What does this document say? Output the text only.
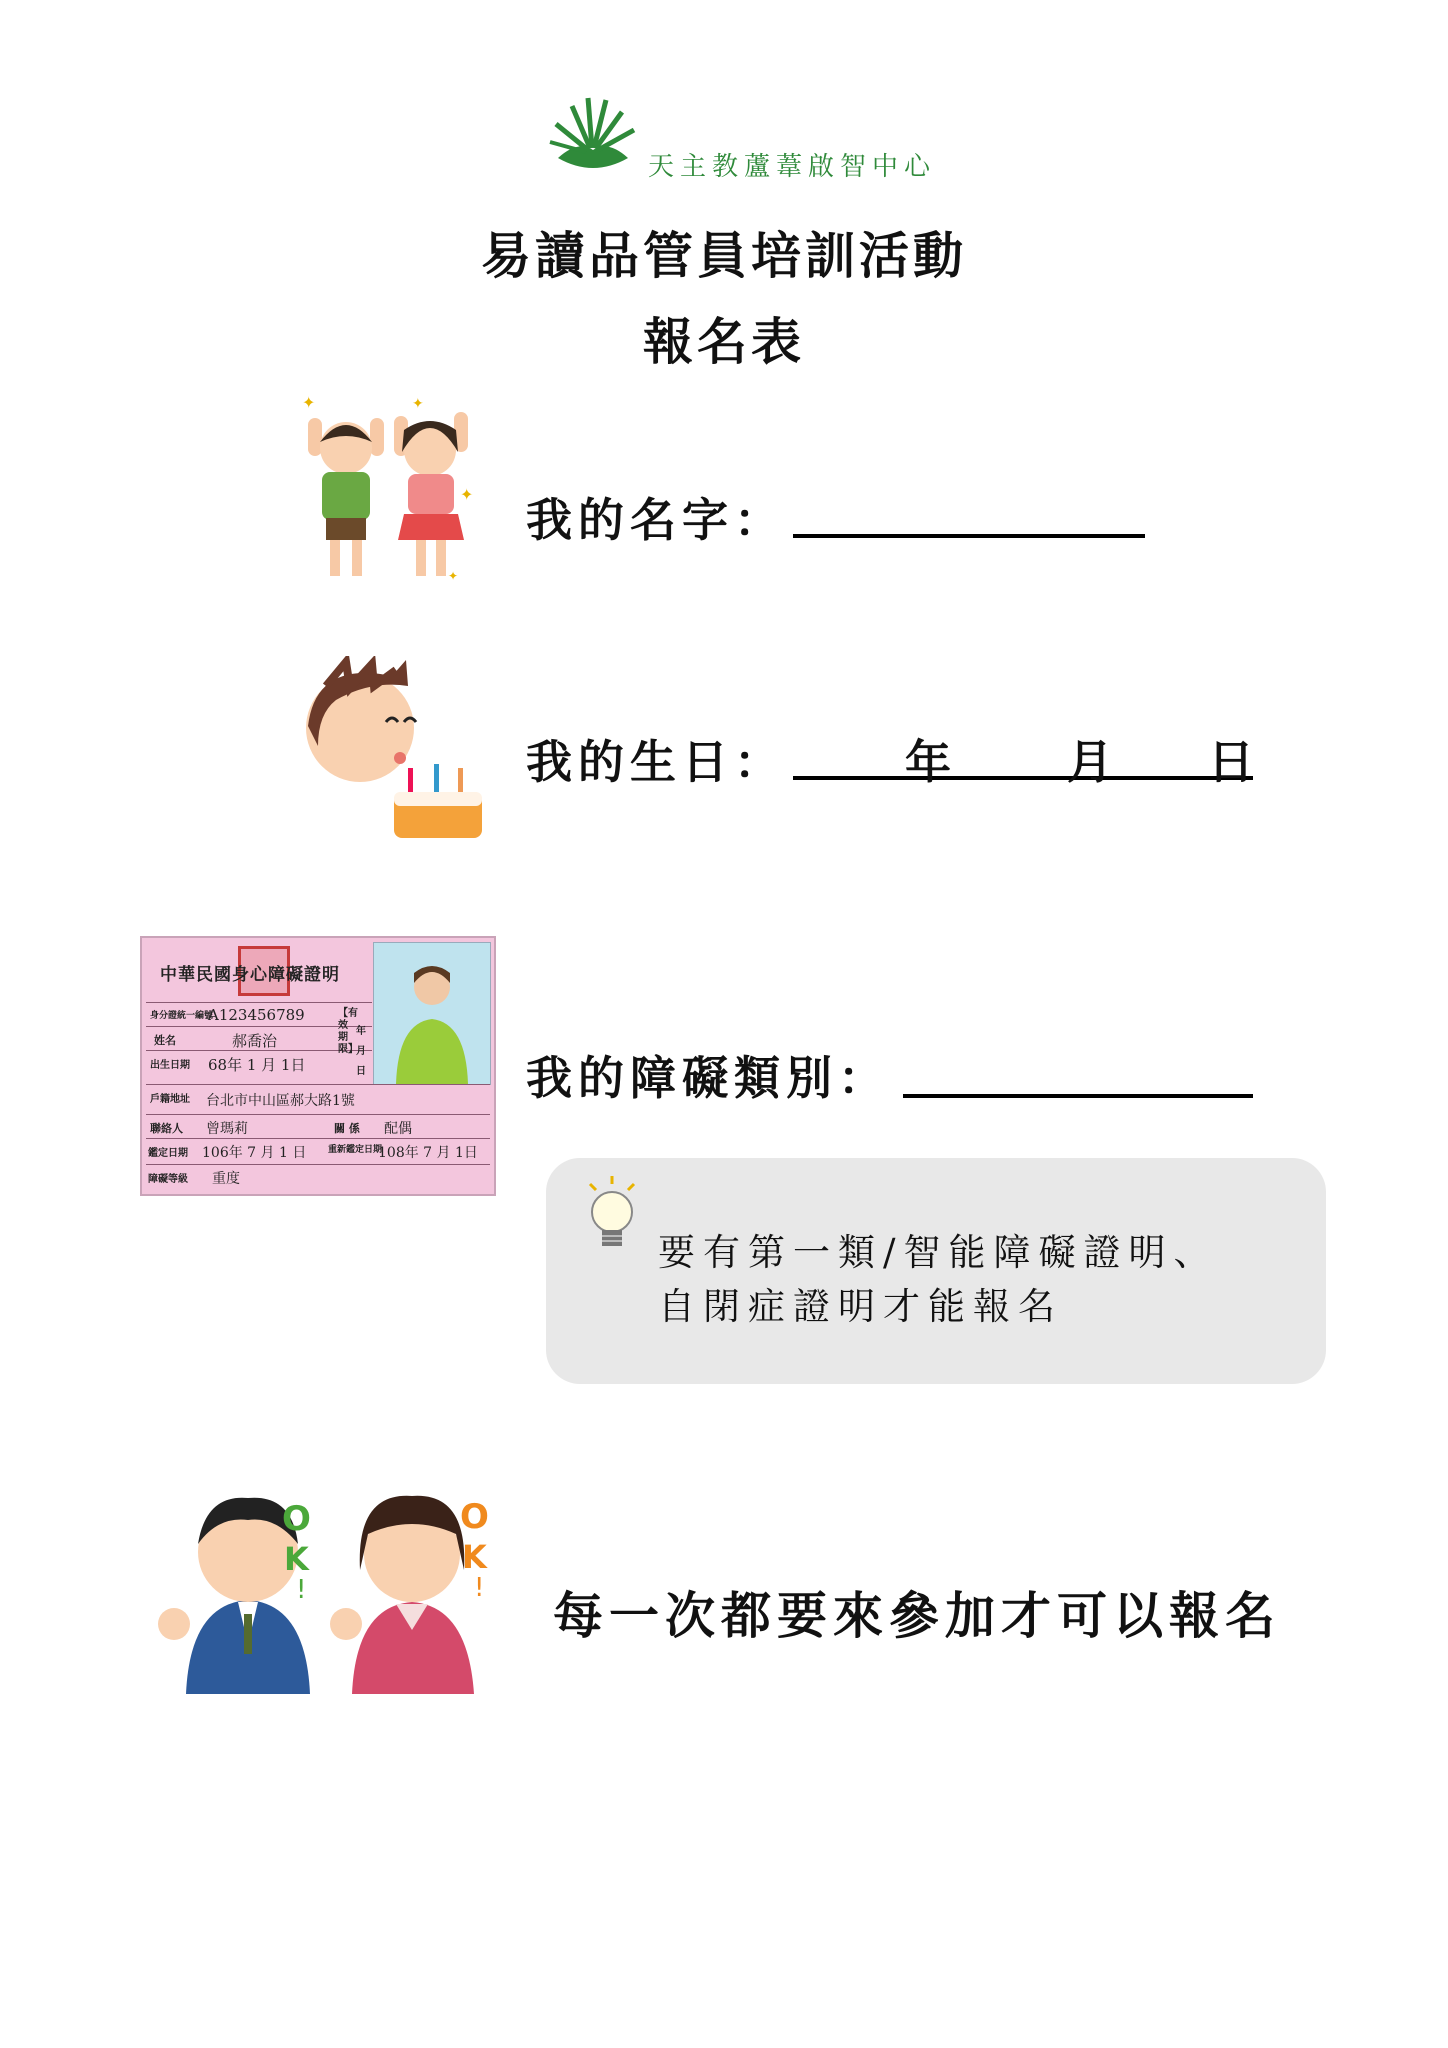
天主教蘆葦啟智中心
易讀品管員培訓活動
報名表
✦	✦
✦
✦
我的名字：
我的生日：	年	月 日
中華民國身心障礙證明
身分證統一編號
A123456789
姓名	郝喬治
出生日期 68年 1 月 1日
【有效期限】
年月日
戶籍地址 台北市中山區郝大路1號
聯絡人 曾瑪莉	關 係 配偶
鑑定日期 106年 7 月 1 日 重新鑑定日期
108年 7 月 1日
障礙等級 重度
我的障礙類別：
要有第一類/智能障礙證明、
自閉症證明才能報名
O
K
!
O
K
! 每一次都要來參加才可以報名
